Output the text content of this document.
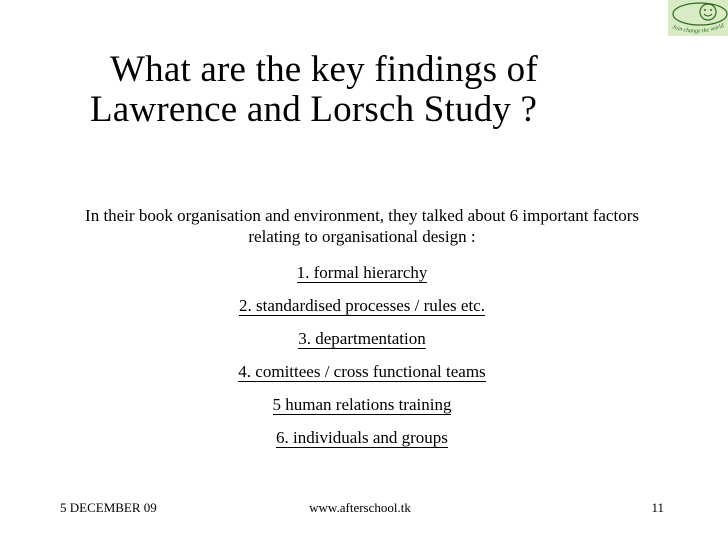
Join change the world
What are the key findings of
Lawrence and Lorsch Study ?
In their book organisation and environment, they talked about 6 important factors relating to organisational design :
1. formal hierarchy
2. standardised processes / rules etc.
3. departmentation
4. comittees / cross functional teams
5 human relations training
6. individuals and groups
5 DECEMBER 09	www.afterschool.tk	11
